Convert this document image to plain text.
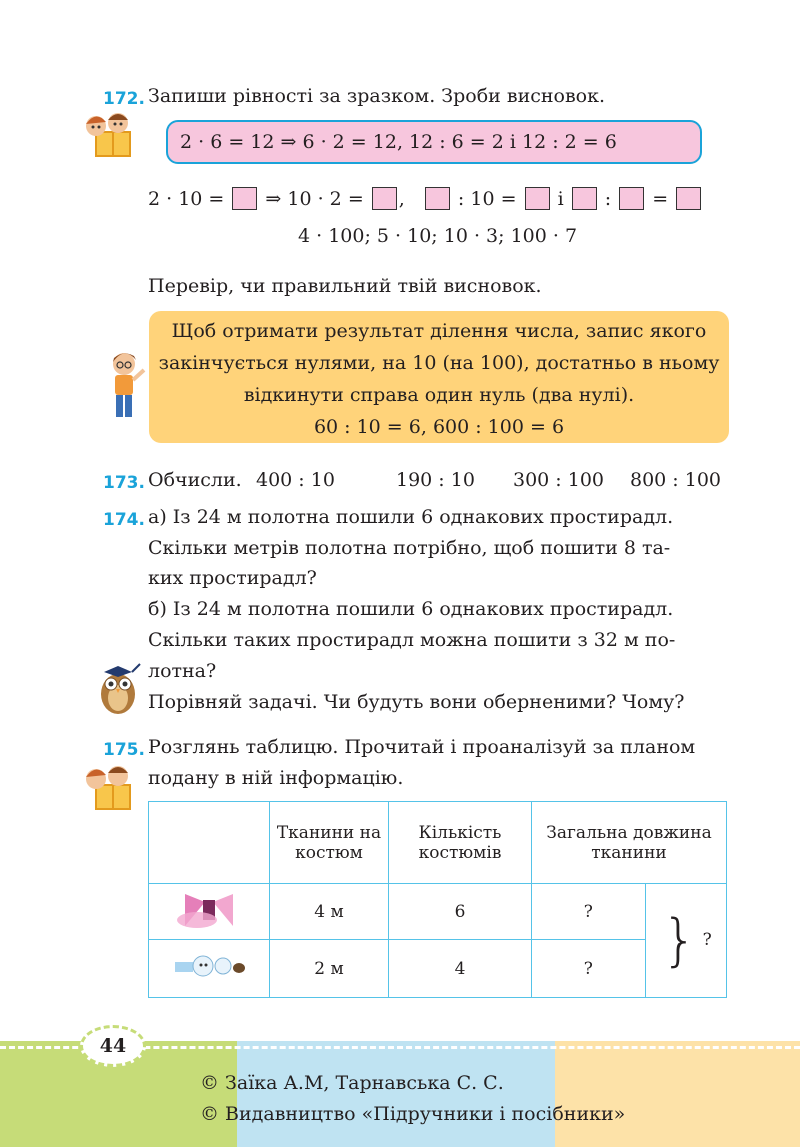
172. Запиши рівності за зразком. Зроби висновок.
2 · 6 = 12 ⇒ 6 · 2 = 12, 12 : 6 = 2 і 12 : 2 = 6
2 · 10 =  ⇒ 10 · 2 = ,  : 10 =  і  :  =
4 · 100; 5 · 10; 10 · 3; 100 · 7
Перевір, чи правильний твій висновок.
Щоб отримати результат ділення числа, запис якого
закінчується нулями, на 10 (на 100), достатньо в ньому
відкинути справа один нуль (два нулі).
60 : 10 = 6, 600 : 100 = 6
173. Обчисли. 400 : 10	190 : 10 300 : 100 800 : 100
174. а) Із 24 м полотна пошили 6 однакових простирадл.
Скільки метрів полотна потрібно, щоб пошити 8 та-
ких простирадл?
б) Із 24 м полотна пошили 6 однакових простирадл.
Скільки таких простирадл можна пошити з 32 м по-
лотна?
Порівняй задачі. Чи будуть вони оберненими? Чому?
175. Розглянь таблицю. Прочитай і проаналізуй за планом
подану в ній інформацію.
	Тканини на костюм	Кількість костюмів	Загальна довжина тканини	
	4 м	6	?	} ?
	2 м	4	?	
44
© Заїка А.М, Тарнавська С. С.
© Видавництво «Підручники і посібники»
